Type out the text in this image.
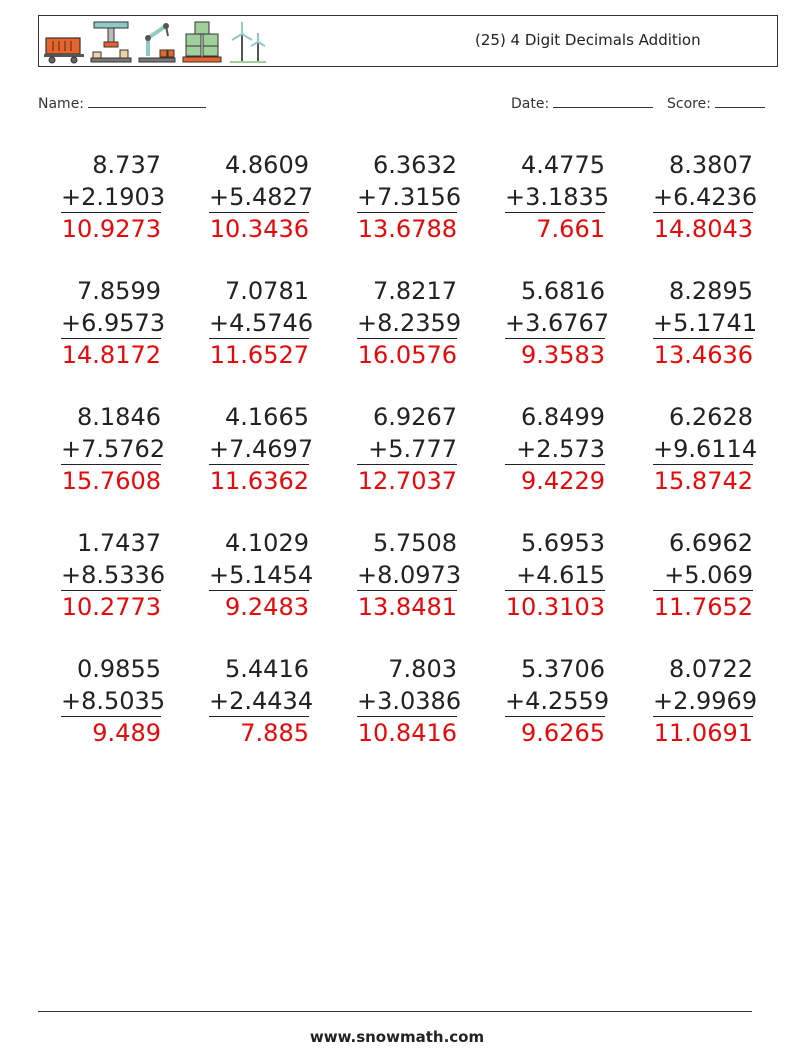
(25) 4 Digit Decimals Addition
Name:	Date:	Score:
8.737
+2.1903
10.9273
4.8609
+5.4827
10.3436
6.3632
+7.3156
13.6788
4.4775
+3.1835
7.661
8.3807
+6.4236
14.8043
7.8599
+6.9573
14.8172
7.0781
+4.5746
11.6527
7.8217
+8.2359
16.0576
5.6816
+3.6767
9.3583
8.2895
+5.1741
13.4636
8.1846
+7.5762
15.7608
4.1665
+7.4697
11.6362
6.9267
+5.777
12.7037
6.8499
+2.573
9.4229
6.2628
+9.6114
15.8742
1.7437
+8.5336
10.2773
4.1029
+5.1454
9.2483
5.7508
+8.0973
13.8481
5.6953
+4.615
10.3103
6.6962
+5.069
11.7652
0.9855
+8.5035
9.489
5.4416
+2.4434
7.885
7.803
+3.0386
10.8416
5.3706
+4.2559
9.6265
8.0722
+2.9969
11.0691
www.snowmath.com
